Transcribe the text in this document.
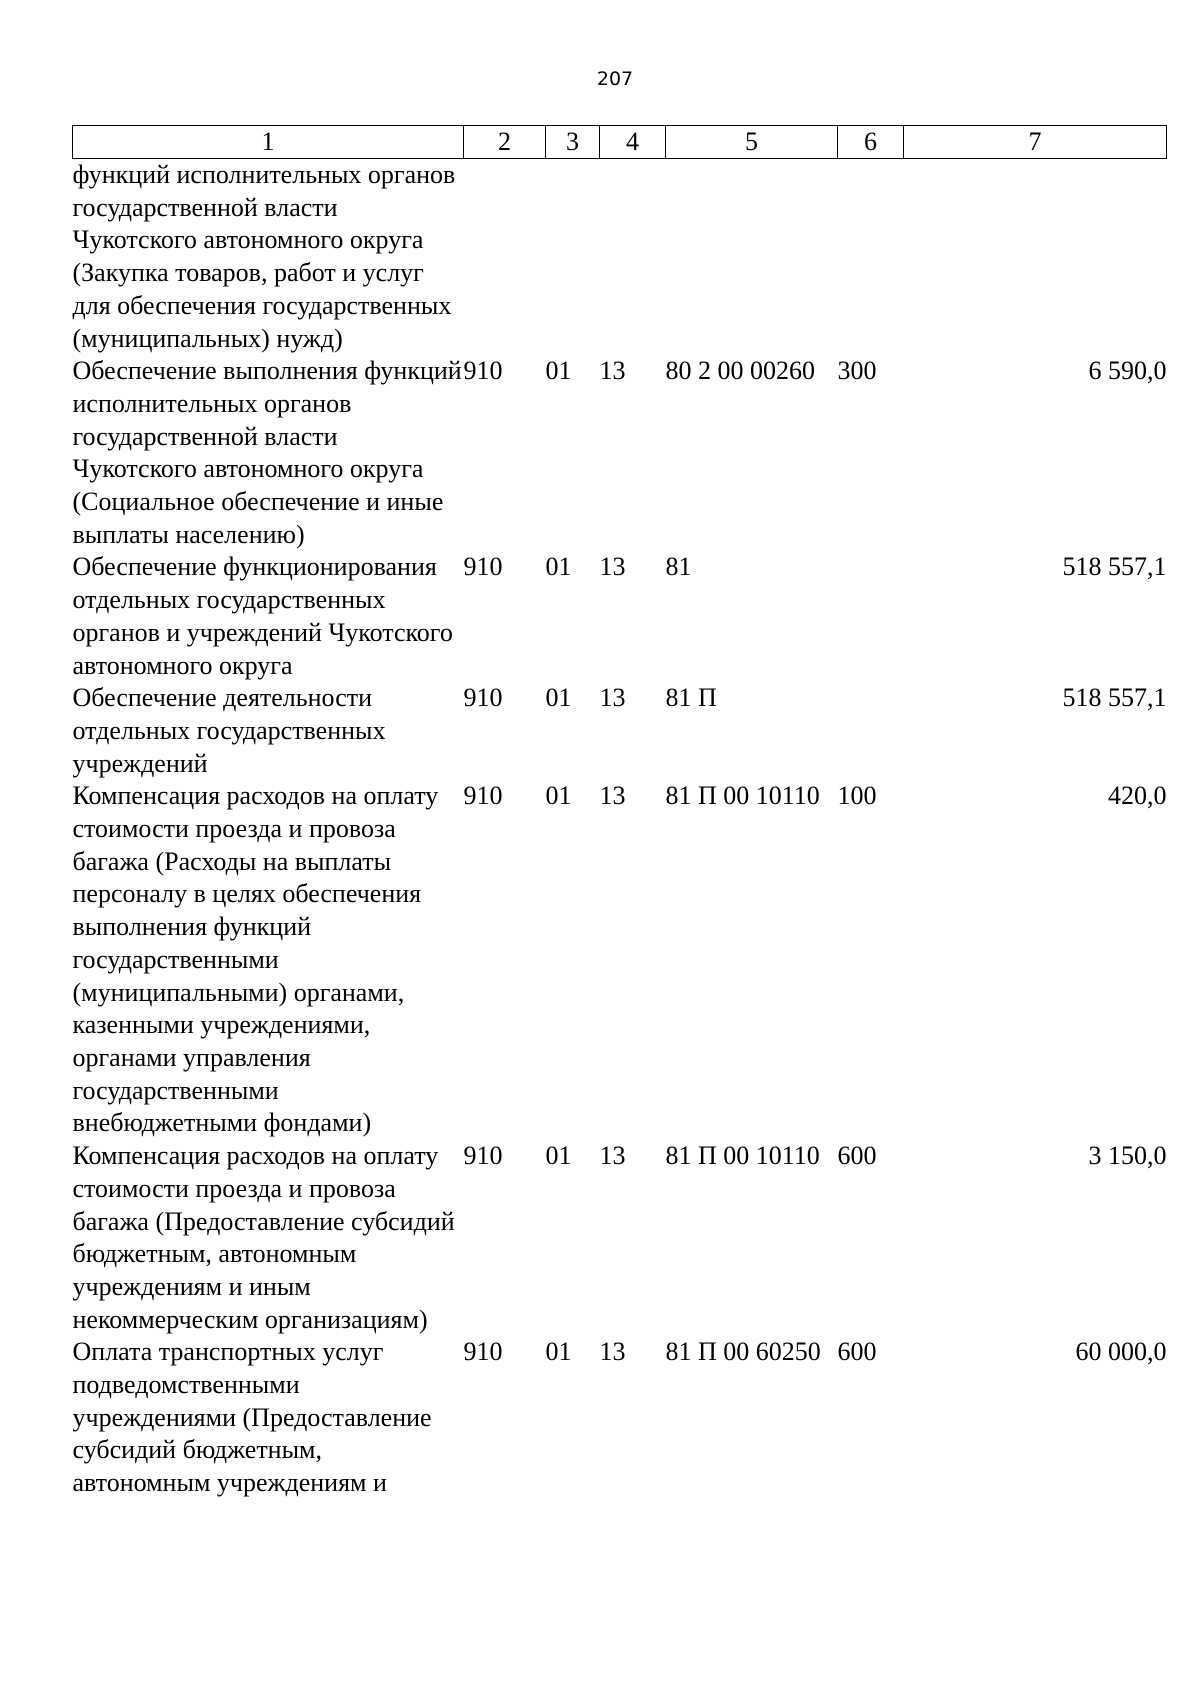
207
1	2	3	4	5	6	7
функций исполнительных органов государственной власти Чукотского автономного округа (Закупка товаров, работ и услуг для обеспечения государственных (муниципальных) нужд)						
Обеспечение выполнения функций исполнительных органов государственной власти Чукотского автономного округа (Социальное обеспечение и иные выплаты населению)	910	01	13	80 2 00 00260	300	6 590,0
Обеспечение функционирования отдельных государственных органов и учреждений Чукотского автономного округа	910	01	13	81		518 557,1
Обеспечение деятельности отдельных государственных учреждений	910	01	13	81 П		518 557,1
Компенсация расходов на оплату стоимости проезда и провоза багажа (Расходы на выплаты персоналу в целях обеспечения выполнения функций государственными (муниципальными) органами, казенными учреждениями, органами управления государственными внебюджетными фондами)	910	01	13	81 П 00 10110	100	420,0
Компенсация расходов на оплату стоимости проезда и провоза багажа (Предоставление субсидий бюджетным, автономным учреждениям и иным некоммерческим организациям)	910	01	13	81 П 00 10110	600	3 150,0
Оплата транспортных услуг подведомственными учреждениями (Предоставление субсидий бюджетным, автономным учреждениям и	910	01	13	81 П 00 60250	600	60 000,0
